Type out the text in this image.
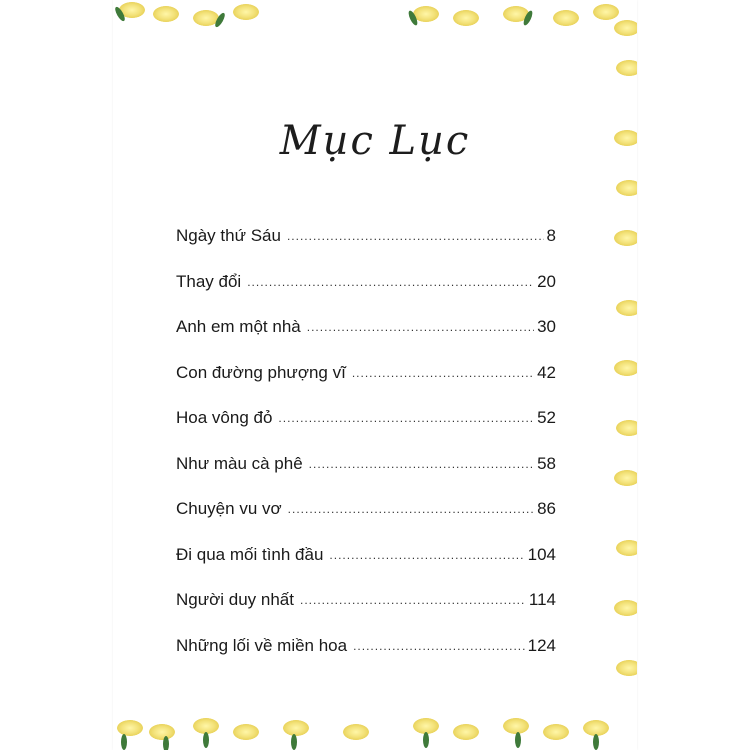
Mục Lục
Ngày thứ Sáu .....	8
Thay đổi .....	20
Anh em một nhà .....	30
Con đường phượng vĩ .....	42
Hoa vông đỏ .....	52
Như màu cà phê .....	58
Chuyện vu vơ .....	86
Đi qua mối tình đầu .....	104
Người duy nhất .....	114
Những lối về miền hoa .....	124
